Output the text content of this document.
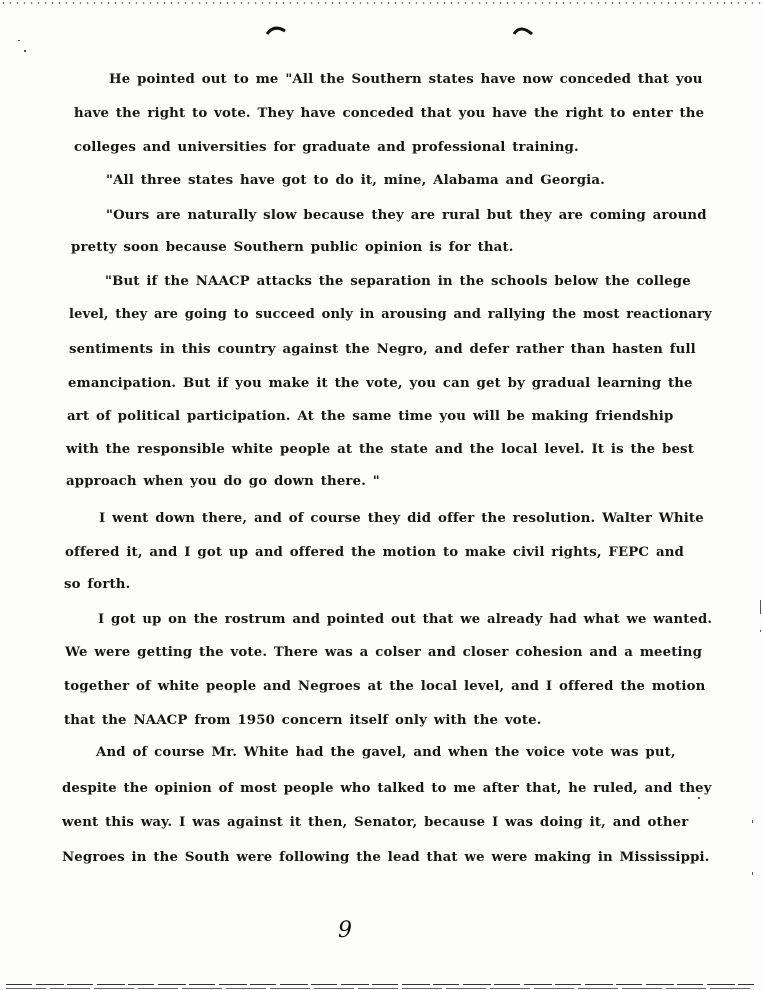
He pointed out to me "All the Southern states have now conceded that you
have the right to vote. They have conceded that you have the right to enter the
colleges and universities for graduate and professional training.
"All three states have got to do it, mine, Alabama and Georgia.
"Ours are naturally slow because they are rural but they are coming around
pretty soon because Southern public opinion is for that.
"But if the NAACP attacks the separation in the schools below the college
level, they are going to succeed only in arousing and rallying the most reactionary
sentiments in this country against the Negro, and defer rather than hasten full
emancipation. But if you make it the vote, you can get by gradual learning the
art of political participation. At the same time you will be making friendship
with the responsible white people at the state and the local level. It is the best
approach when you do go down there. "
I went down there, and of course they did offer the resolution. Walter White
offered it, and I got up and offered the motion to make civil rights, FEPC and
so forth.
I got up on the rostrum and pointed out that we already had what we wanted.
We were getting the vote. There was a colser and closer cohesion and a meeting
together of white people and Negroes at the local level, and I offered the motion
that the NAACP from 1950 concern itself only with the vote.
And of course Mr. White had the gavel, and when the voice vote was put,
despite the opinion of most people who talked to me after that, he ruled, and they
went this way. I was against it then, Senator, because I was doing it, and other
Negroes in the South were following the lead that we were making in Mississippi.
9
